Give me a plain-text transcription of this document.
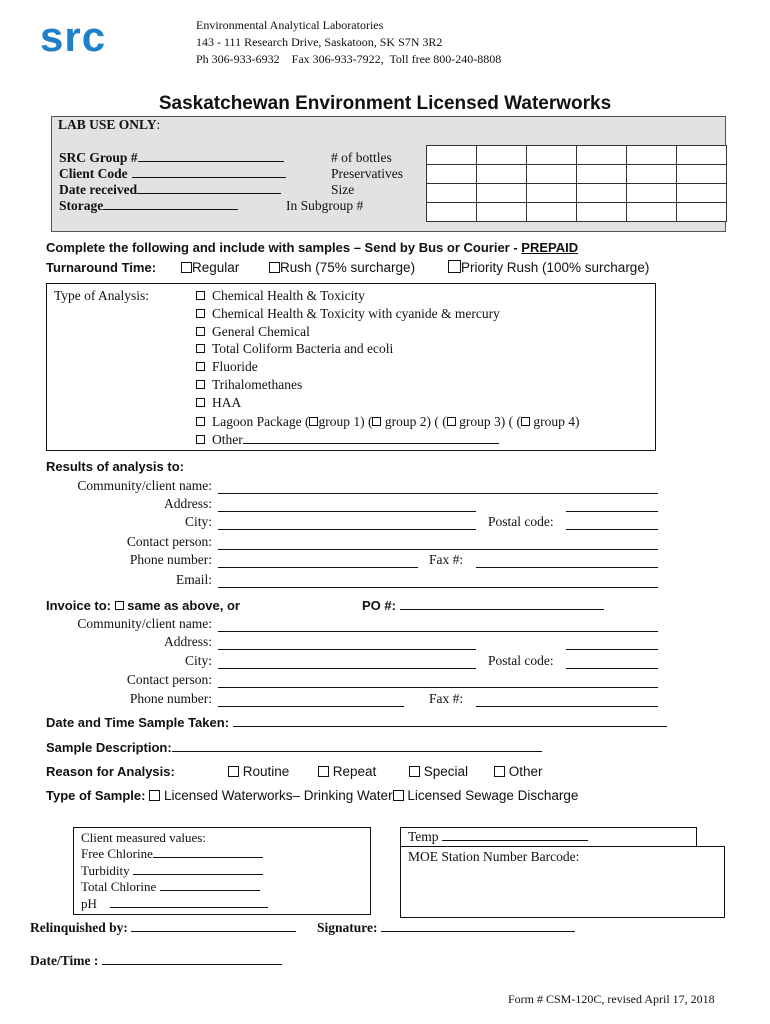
src	Environmental Analytical Laboratories
143 - 111 Research Drive, Saskatoon, SK S7N 3R2
Ph 306-933-6932    Fax 306-933-7922,  Toll free 800-240-8808
Saskatchewan Environment Licensed Waterworks
LAB USE ONLY:
SRC Group #
Client Code
Date received
Storage
# of bottles
Preservatives
Size
In Subgroup #

Complete the following and include with samples – Send by Bus or Courier - PREPAID
Turnaround Time:	Regular	Rush (75% surcharge)	Priority Rush (100% surcharge)
Type of Analysis:	Chemical Health & Toxicity
Chemical Health & Toxicity with cyanide & mercury
General Chemical
Total Coliform Bacteria and ecoli
Fluoride
Trihalomethanes
HAA
Lagoon Package ( group 1) ( group 2) ( ( group 3) ( ( group 4)
Other
Results of analysis to:
Community/client name:
Address:
City:	Postal code:
Contact person:
Phone number:	Fax #:
Email:
Invoice to:  same as above, or	PO #:
Community/client name:
Address:
City:	Postal code:
Contact person:
Phone number:	Fax #:
Date and Time Sample Taken:
Sample Description:
Reason for Analysis:	Routine	Repeat	Special	Other
Type of Sample: Licensed Waterworks– Drinking Water Licensed Sewage Discharge
Client measured values:
Free Chlorine
Turbidity
Total Chlorine
pH
Temp
MOE Station Number Barcode:
Relinquished by:	Signature:
Date/Time :
Form # CSM-120C, revised April 17, 2018
